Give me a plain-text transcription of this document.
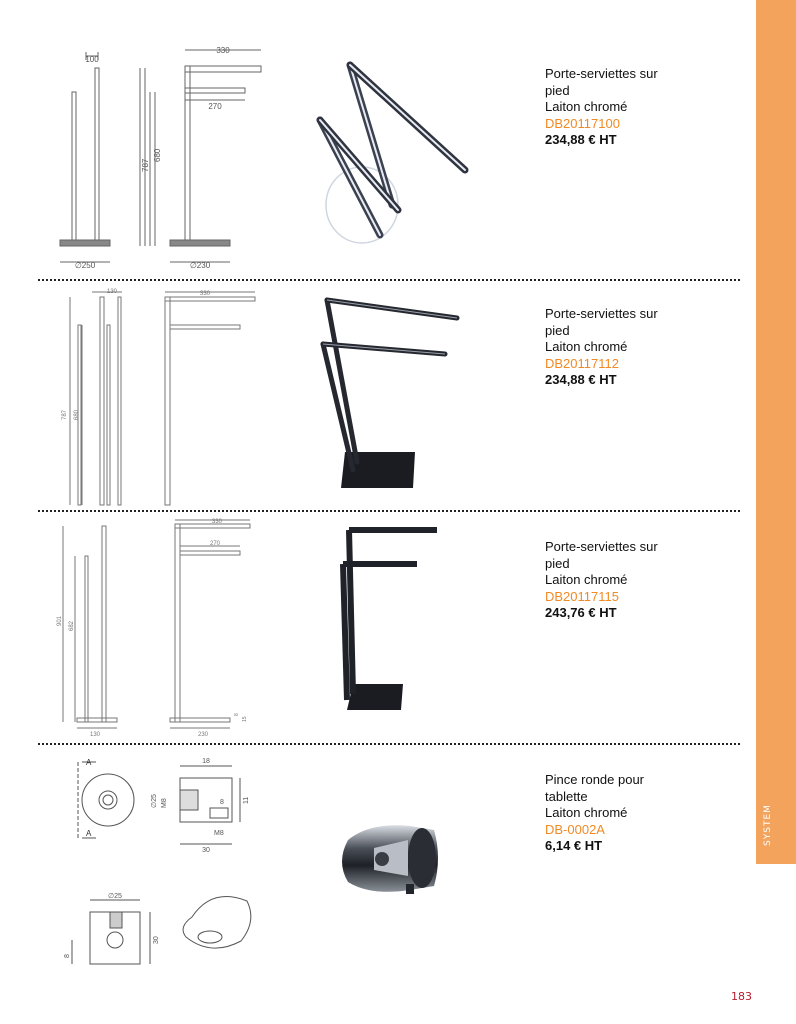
SYSTEM
100
330
270
787
680
∅250	∅230
Porte-serviettes sur
pied
Laiton chromé
DB20117100
234,88 € HT
130	330
787 680
Porte-serviettes sur
pied
Laiton chromé
DB20117112
234,88 € HT
901 682
330
270
130	230
8
15
Porte-serviettes sur
pied
Laiton chromé
DB20117115
243,76 € HT
A
A
18
∅25 M8	8	11
M8
30
∅25
30
8
Pince ronde pour
tablette
Laiton chromé
DB-0002A
6,14 € HT
183
